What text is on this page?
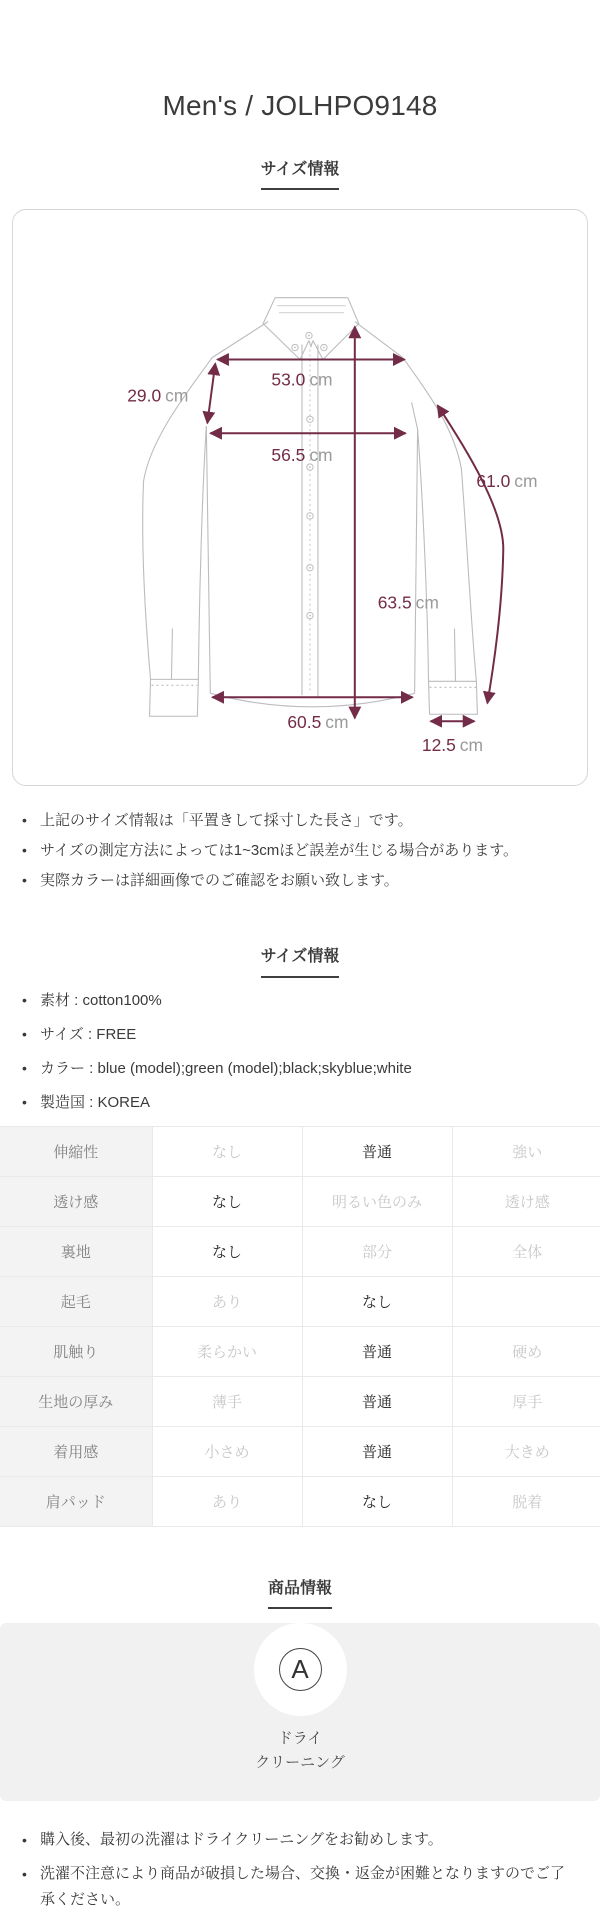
Men's / JOLHPO9148
サイズ情報
53.0 cm
29.0 cm
56.5 cm
61.0 cm
63.5 cm
60.5 cm
12.5 cm
• 上記のサイズ情報は「平置きして採寸した長さ」です。
• サイズの測定方法によっては1~3cmほど誤差が生じる場合があります。
• 実際カラーは詳細画像でのご確認をお願い致します。
サイズ情報
• 素材 : cotton100%
• サイズ : FREE
• カラー : blue (model);green (model);black;skyblue;white
• 製造国 : KOREA
伸縮性	なし	普通	強い
透け感	なし	明るい色のみ	透け感
裏地	なし	部分	全体
起毛	あり	なし	
肌触り	柔らかい	普通	硬め
生地の厚み	薄手	普通	厚手
着用感	小さめ	普通	大きめ
肩パッド	あり	なし	脱着
商品情報
A
ドライ
クリーニング
• 購入後、最初の洗濯はドライクリーニングをお勧めします。
• 洗濯不注意により商品が破損した場合、交換・返金が困難となりますのでご了承ください。
